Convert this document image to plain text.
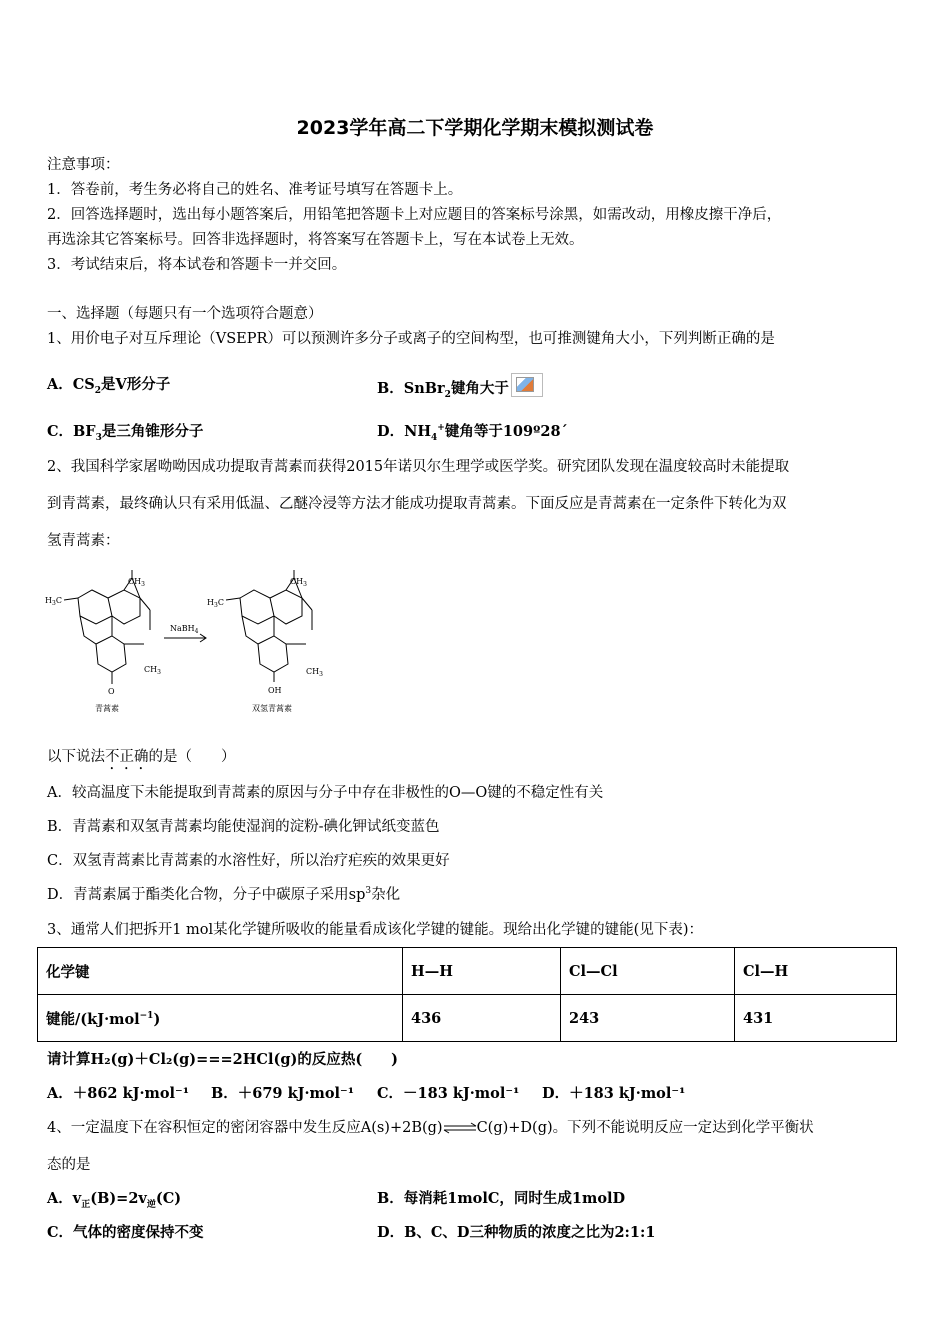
2023学年高二下学期化学期末模拟测试卷
注意事项：
1．答卷前，考生务必将自己的姓名、准考证号填写在答题卡上。
2．回答选择题时，选出每小题答案后，用铅笔把答题卡上对应题目的答案标号涂黑，如需改动，用橡皮擦干净后，
再选涂其它答案标号。回答非选择题时，将答案写在答题卡上，写在本试卷上无效。
3．考试结束后，将本试卷和答题卡一并交回。
一、选择题（每题只有一个选项符合题意）
1、用价电子对互斥理论（VSEPR）可以预测许多分子或离子的空间构型，也可推测键角大小，下列判断正确的是
A．$CS_2$是V形分子	B．SnBr$_2$键角大于
C．$BF_3$是三角锥形分子	D．$NH_4^+$键角等于109º28´
2、我国科学家屠呦呦因成功提取青蒿素而获得2015年诺贝尔生理学或医学奖。研究团队发现在温度较高时未能提取
到青蒿素，最终确认只有采用低温、乙醚冷浸等方法才能成功提取青蒿素。下面反应是青蒿素在一定条件下转化为双
氢青蒿素：
$H_3C$
$CH_3$
$CH_3$
O
青蒿素
NaBH$_4$
$H_3C$
$CH_3$
$CH_3$
OH
双氢青蒿素
以下说法不正确的是（　　）
A．较高温度下未能提取到青蒿素的原因与分子中存在非极性的O—O键的不稳定性有关
B．青蒿素和双氢青蒿素均能使湿润的淀粉-碘化钾试纸变蓝色
C．双氢青蒿素比青蒿素的水溶性好，所以治疗疟疾的效果更好
D．青蒿素属于酯类化合物，分子中碳原子采用$sp^3$杂化
3、通常人们把拆开1 mol某化学键所吸收的能量看成该化学键的键能。现给出化学键的键能(见下表)：
化学键	H—H	Cl—Cl	Cl—H
键能/(kJ·mol$^{-1}$)	436	243	431
请计算H₂(g)＋Cl₂(g)===2HCl(g)的反应热(　　)
A．＋862 kJ·mol⁻¹ B．＋679 kJ·mol⁻¹ C．－183 kJ·mol⁻¹ D．＋183 kJ·mol⁻¹
4、一定温度下在容积恒定的密闭容器中发生反应A(s)+2B(g)⇌C(g)+D(g)。下列不能说明反应一定达到化学平衡状
态的是
A．$v_正(B)=2v_逆(C)$	B．每消耗1molC，同时生成1molD
C．气体的密度保持不变	D．B、C、D三种物质的浓度之比为2:1:1
